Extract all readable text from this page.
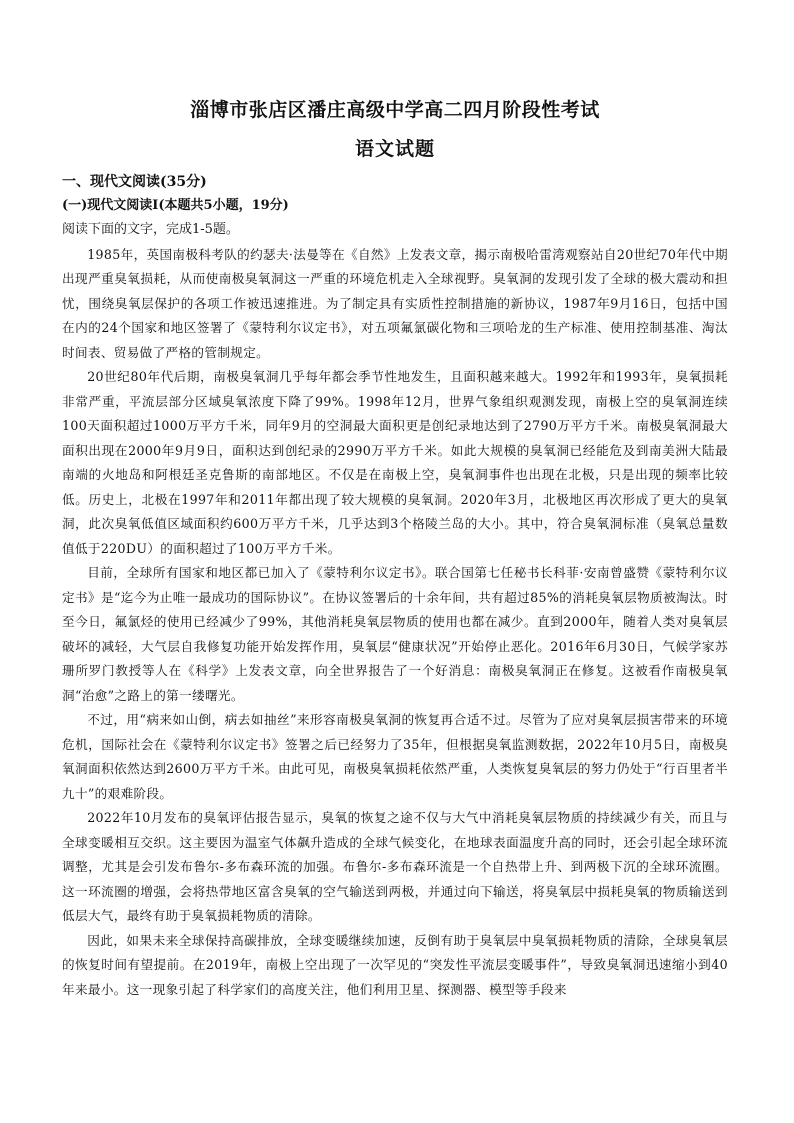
淄博市张店区潘庄高级中学高二四月阶段性考试
语文试题
一、现代文阅读(35分)
(一)现代文阅读Ⅰ(本题共5小题，19分)
阅读下面的文字，完成1-5题。

1985年，英国南极科考队的约瑟夫·法曼等在《自然》上发表文章，揭示南极哈雷湾观察站自20世纪70年代中期出现严重臭氧损耗，从而使南极臭氧洞这一严重的环境危机走入全球视野。臭氧洞的发现引发了全球的极大震动和担忧，围绕臭氧层保护的各项工作被迅速推进。为了制定具有实质性控制措施的新协议，1987年9月16日，包括中国在内的24个国家和地区签署了《蒙特利尔议定书》，对五项氟氯碳化物和三项哈龙的生产标准、使用控制基准、淘汰时间表、贸易做了严格的管制规定。

20世纪80年代后期，南极臭氧洞几乎每年都会季节性地发生，且面积越来越大。1992年和1993年，臭氧损耗非常严重，平流层部分区域臭氧浓度下降了99%。1998年12月，世界气象组织观测发现，南极上空的臭氧洞连续100天面积超过1000万平方千米，同年9月的空洞最大面积更是创纪录地达到了2790万平方千米。南极臭氧洞最大面积出现在2000年9月9日，面积达到创纪录的2990万平方千米。如此大规模的臭氧洞已经能危及到南美洲大陆最南端的火地岛和阿根廷圣克鲁斯的南部地区。不仅是在南极上空，臭氧洞事件也出现在北极，只是出现的频率比较低。历史上，北极在1997年和2011年都出现了较大规模的臭氧洞。2020年3月，北极地区再次形成了更大的臭氧洞，此次臭氧低值区域面积约600万平方千米，几乎达到3个格陵兰岛的大小。其中，符合臭氧洞标准（臭氧总量数值低于220DU）的面积超过了100万平方千米。

目前，全球所有国家和地区都已加入了《蒙特利尔议定书》。联合国第七任秘书长科菲·安南曾盛赞《蒙特利尔议定书》是“迄今为止唯一最成功的国际协议”。在协议签署后的十余年间，共有超过85%的消耗臭氧层物质被淘汰。时至今日，氟氯烃的使用已经减少了99%，其他消耗臭氧层物质的使用也都在减少。直到2000年，随着人类对臭氧层破坏的减轻，大气层自我修复功能开始发挥作用，臭氧层“健康状况”开始停止恶化。2016年6月30日，气候学家苏珊所罗门教授等人在《科学》上发表文章，向全世界报告了一个好消息：南极臭氧洞正在修复。这被看作南极臭氧洞“治愈”之路上的第一缕曙光。

不过，用“病来如山倒，病去如抽丝”来形容南极臭氧洞的恢复再合适不过。尽管为了应对臭氧层损害带来的环境危机，国际社会在《蒙特利尔议定书》签署之后已经努力了35年，但根据臭氧监测数据，2022年10月5日，南极臭氧洞面积依然达到2600万平方千米。由此可见，南极臭氧损耗依然严重，人类恢复臭氧层的努力仍处于“行百里者半九十”的艰难阶段。

2022年10月发布的臭氧评估报告显示，臭氧的恢复之途不仅与大气中消耗臭氧层物质的持续减少有关，而且与全球变暖相互交织。这主要因为温室气体飙升造成的全球气候变化，在地球表面温度升高的同时，还会引起全球环流调整，尤其是会引发布鲁尔-多布森环流的加强。布鲁尔-多布森环流是一个自热带上升、到两极下沉的全球环流圈。这一环流圈的增强，会将热带地区富含臭氧的空气输送到两极，并通过向下输送，将臭氧层中损耗臭氧的物质输送到低层大气，最终有助于臭氧损耗物质的清除。

因此，如果未来全球保持高碳排放，全球变暖继续加速，反倒有助于臭氧层中臭氧损耗物质的清除，全球臭氧层的恢复时间有望提前。在2019年，南极上空出现了一次罕见的“突发性平流层变暖事件”，导致臭氧洞迅速缩小到40年来最小。这一现象引起了科学家们的高度关注，他们利用卫星、探测器、模型等手段来
